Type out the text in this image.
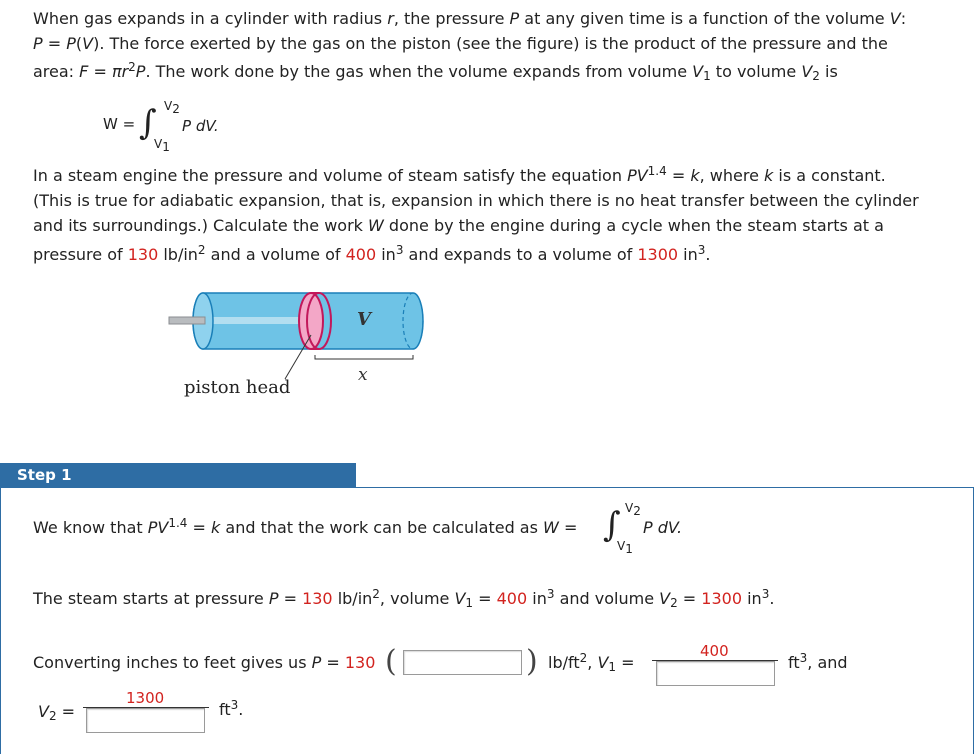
When gas expands in a cylinder with radius r, the pressure P at any given time is a function of the volume V:
P = P(V). The force exerted by the gas on the piston (see the figure) is the product of the pressure and the
area: $F = \pi r^2P$. The work done by the gas when the volume expands from volume $V_1$ to volume $V_2$ is
W = ∫ $V_2$
$V_1$
P dV.
In a steam engine the pressure and volume of steam satisfy the equation $PV^{1.4} = k$, where k is a constant.
(This is true for adiabatic expansion, that is, expansion in which there is no heat transfer between the cylinder
and its surroundings.) Calculate the work W done by the engine during a cycle when the steam starts at a
pressure of 130 $lb/in^2$ and a volume of 400 $in^3$ and expands to a volume of 1300 $in^3$.
V
x
piston head
Step 1
We know that $PV^{1.4} = k$ and that the work can be calculated as W = ∫ $V_2$
$V_1$
P dV.
The steam starts at pressure P = 130 $lb/in^2$, volume $V_1 = 400$ $in^3$ and volume $V_2 = 1300$ $in^3$.
Converting inches to feet gives us P = 130 (	) $lb/ft^2$, $V_1$ =
400
$ft^3$, and
$V_2$ =
1300
$ft^3$.
